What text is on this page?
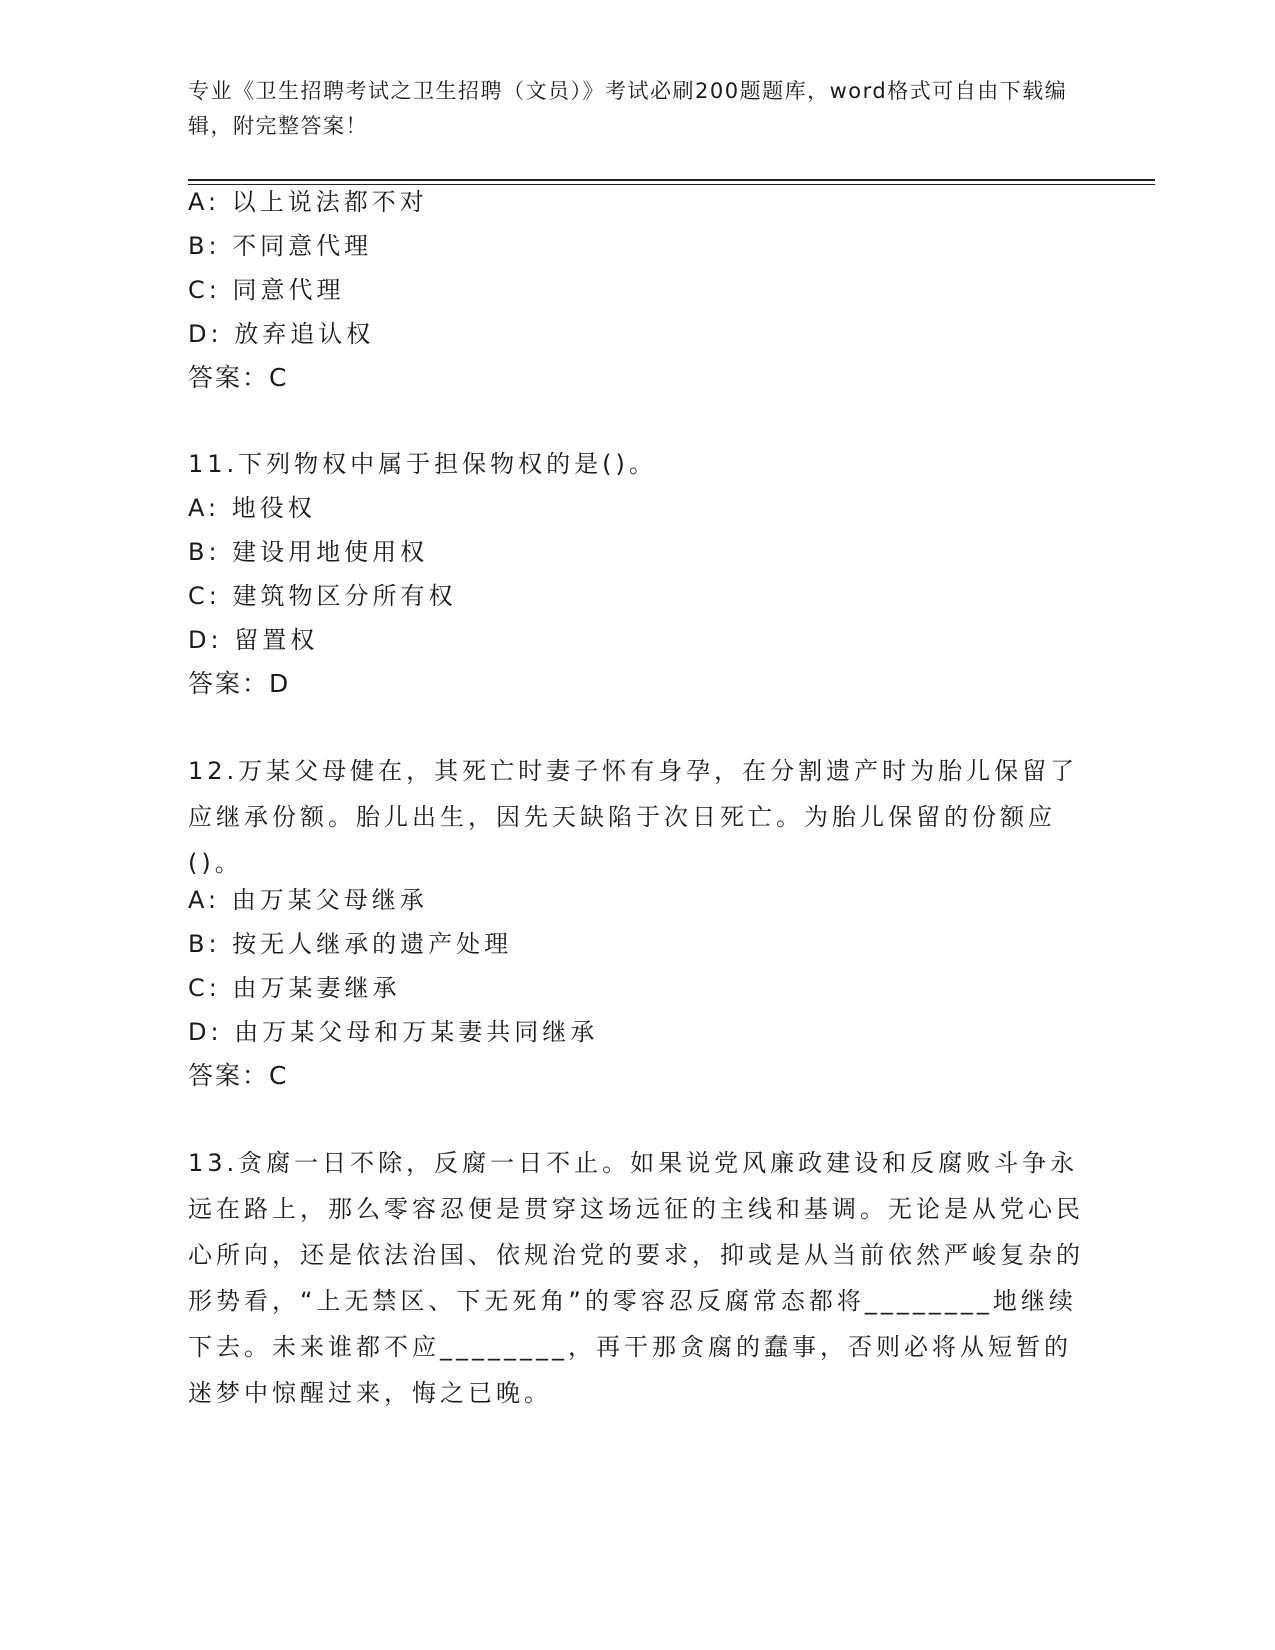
专业《卫生招聘考试之卫生招聘（文员）》考试必刷200题题库，word格式可自由下载编辑，附完整答案！
A: 以上说法都不对
B: 不同意代理
C: 同意代理
D: 放弃追认权
答案：C
11.下列物权中属于担保物权的是()。
A: 地役权
B: 建设用地使用权
C: 建筑物区分所有权
D: 留置权
答案：D
12.万某父母健在，其死亡时妻子怀有身孕，在分割遗产时为胎儿保留了应继承份额。胎儿出生，因先天缺陷于次日死亡。为胎儿保留的份额应()。
A: 由万某父母继承
B: 按无人继承的遗产处理
C: 由万某妻继承
D: 由万某父母和万某妻共同继承
答案：C
13.贪腐一日不除，反腐一日不止。如果说党风廉政建设和反腐败斗争永远在路上，那么零容忍便是贯穿这场远征的主线和基调。无论是从党心民心所向，还是依法治国、依规治党的要求，抑或是从当前依然严峻复杂的形势看，“上无禁区、下无死角”的零容忍反腐常态都将________地继续下去。未来谁都不应________，再干那贪腐的蠢事，否则必将从短暂的迷梦中惊醒过来，悔之已晚。
